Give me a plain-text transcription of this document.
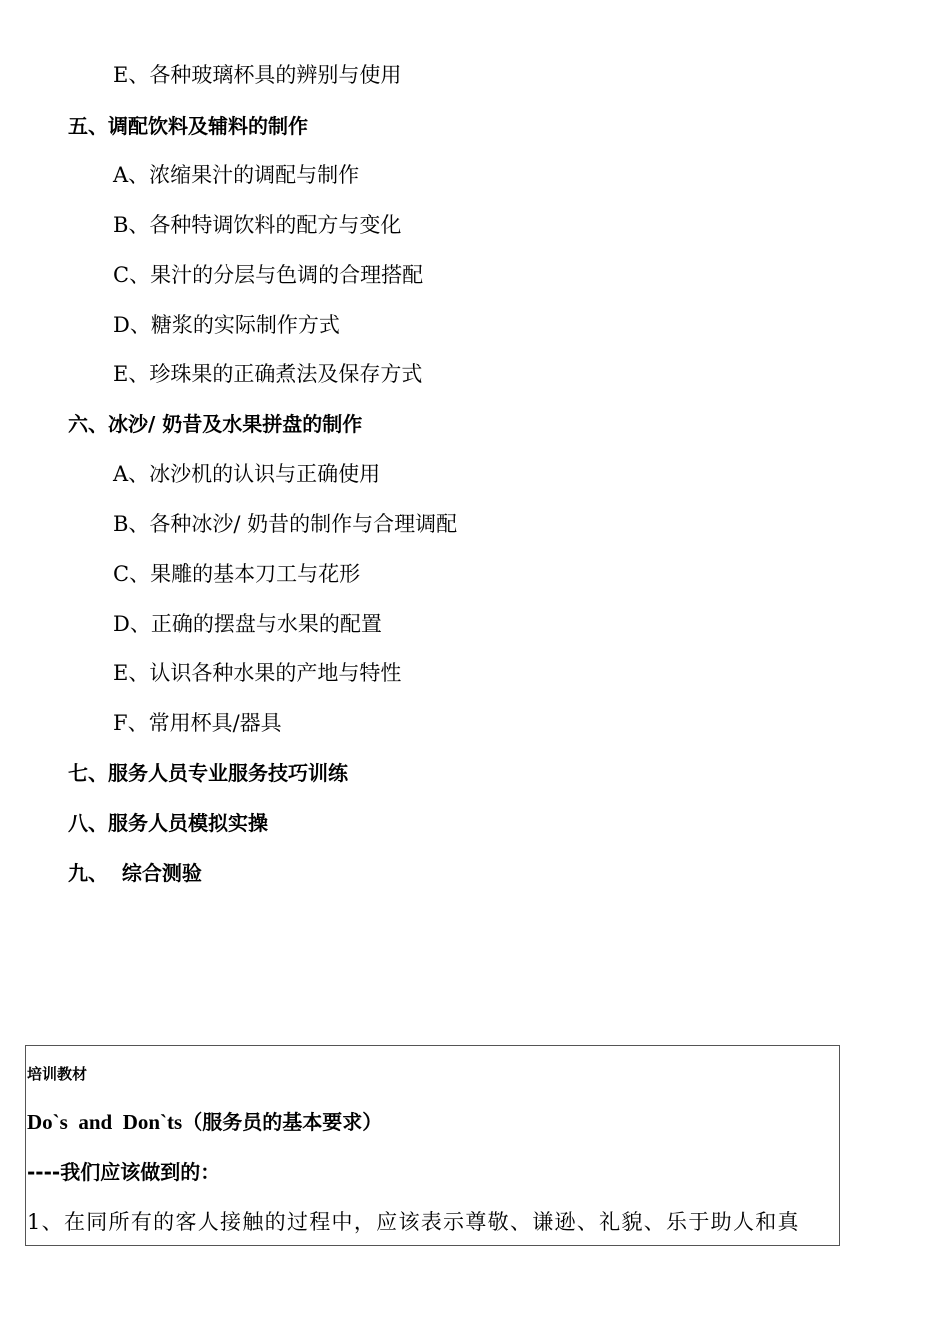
E、各种玻璃杯具的辨别与使用
五、调配饮料及辅料的制作
A、浓缩果汁的调配与制作
B、各种特调饮料的配方与变化
C、果汁的分层与色调的合理搭配
D、糖浆的实际制作方式
E、珍珠果的正确煮法及保存方式
六、冰沙/ 奶昔及水果拼盘的制作
A、冰沙机的认识与正确使用
B、各种冰沙/ 奶昔的制作与合理调配
C、果雕的基本刀工与花形
D、正确的摆盘与水果的配置
E、认识各种水果的产地与特性
F、常用杯具/器具
七、服务人员专业服务技巧训练
八、服务人员模拟实操
九、  综合测验
培训教材
Do`s  and  Don`ts（服务员的基本要求）
----我们应该做到的：
1、在同所有的客人接触的过程中，应该表示尊敬、谦逊、礼貌、乐于助人和真
